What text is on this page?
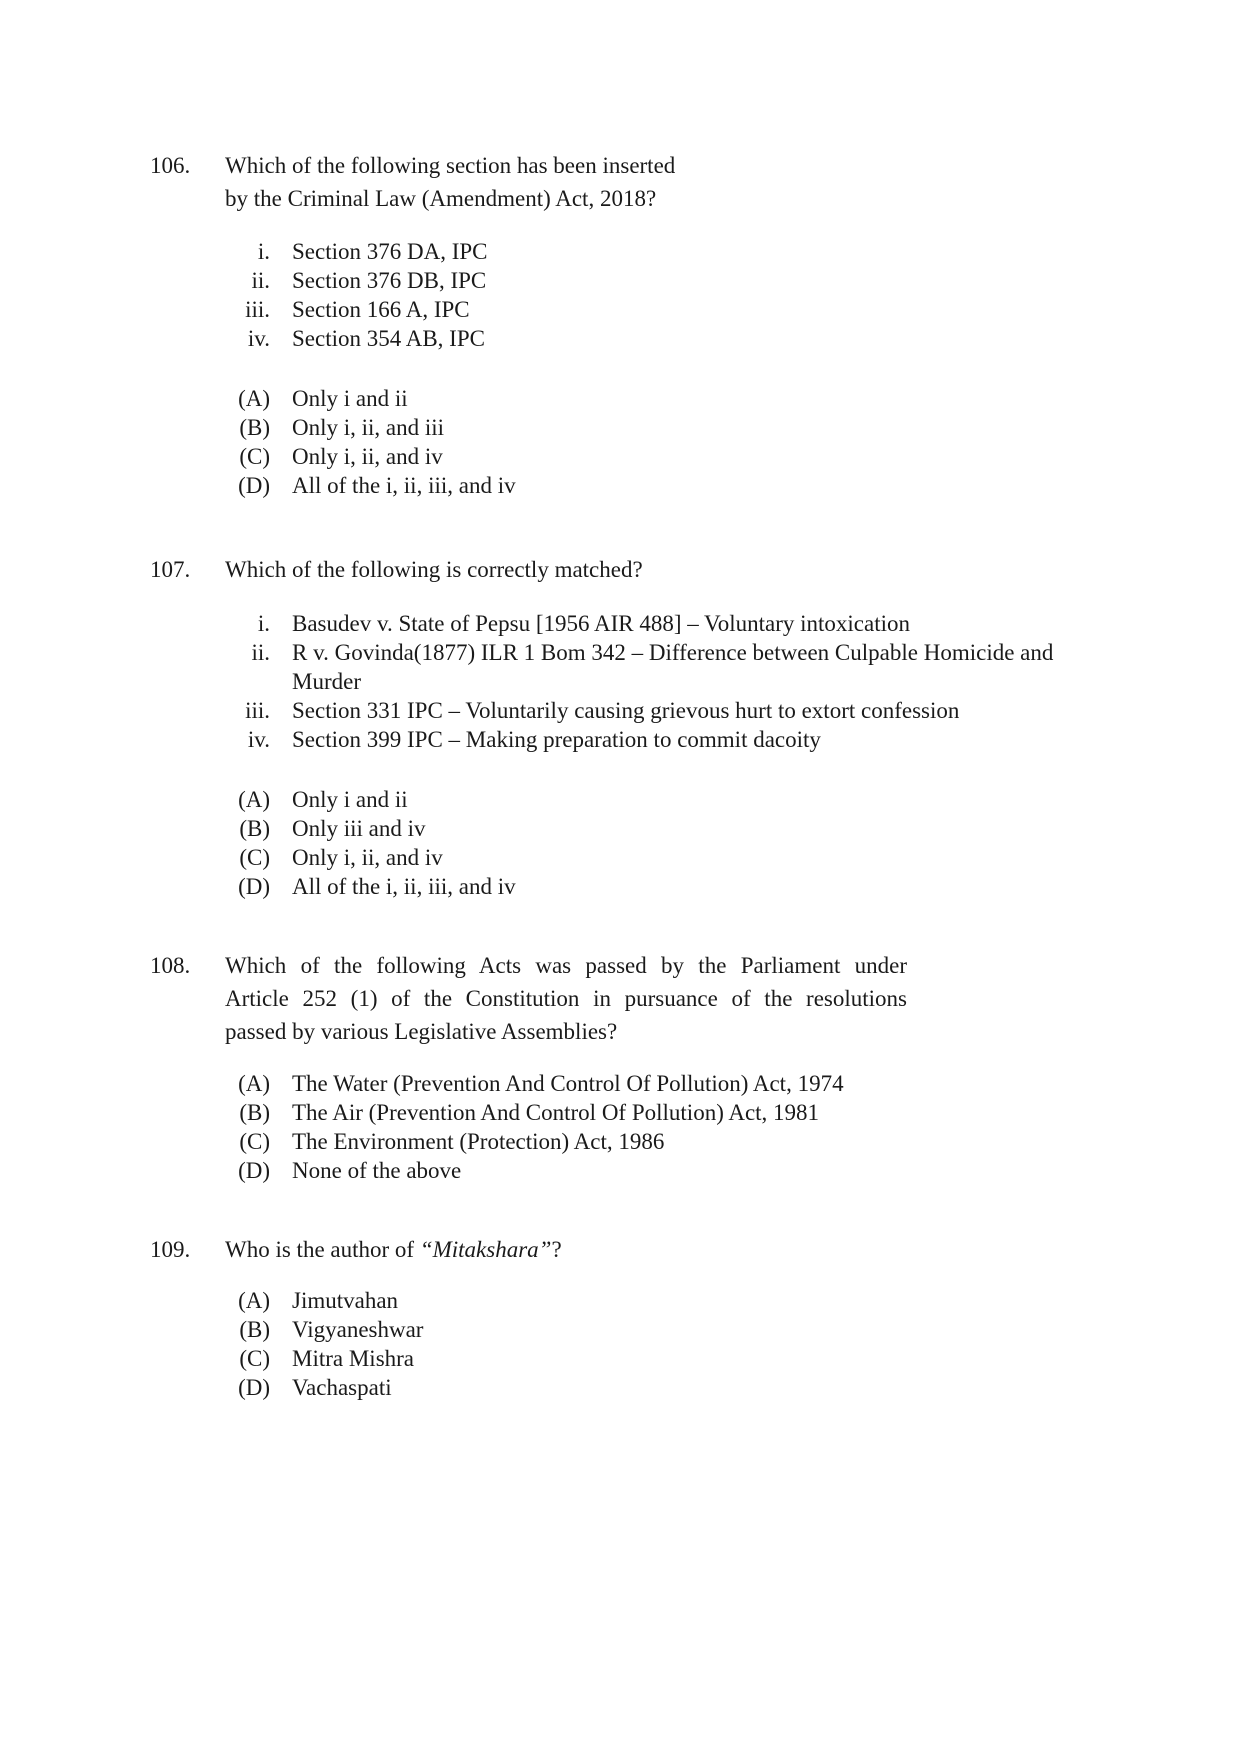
106. Which of the following section has been inserted
by the Criminal Law (Amendment) Act, 2018?
i. Section 376 DA, IPC
ii. Section 376 DB, IPC
iii. Section 166 A, IPC
iv. Section 354 AB, IPC
(A) Only i and ii
(B) Only i, ii, and iii
(C) Only i, ii, and iv
(D) All of the i, ii, iii, and iv
107. Which of the following is correctly matched?
i. Basudev v. State of Pepsu [1956 AIR 488] – Voluntary intoxication
ii. R v. Govinda(1877) ILR 1 Bom 342 – Difference between Culpable Homicide and Murder
iii. Section 331 IPC – Voluntarily causing grievous hurt to extort confession
iv. Section 399 IPC – Making preparation to commit dacoity
(A) Only i and ii
(B) Only iii and iv
(C) Only i, ii, and iv
(D) All of the i, ii, iii, and iv
108. Which of the following Acts was passed by the Parliament under
Article 252 (1) of the Constitution in pursuance of the resolutions
passed by various Legislative Assemblies?
(A) The Water (Prevention And Control Of Pollution) Act, 1974
(B) The Air (Prevention And Control Of Pollution) Act, 1981
(C) The Environment (Protection) Act, 1986
(D) None of the above
109. Who is the author of “Mitakshara”?
(A) Jimutvahan
(B) Vigyaneshwar
(C) Mitra Mishra
(D) Vachaspati
